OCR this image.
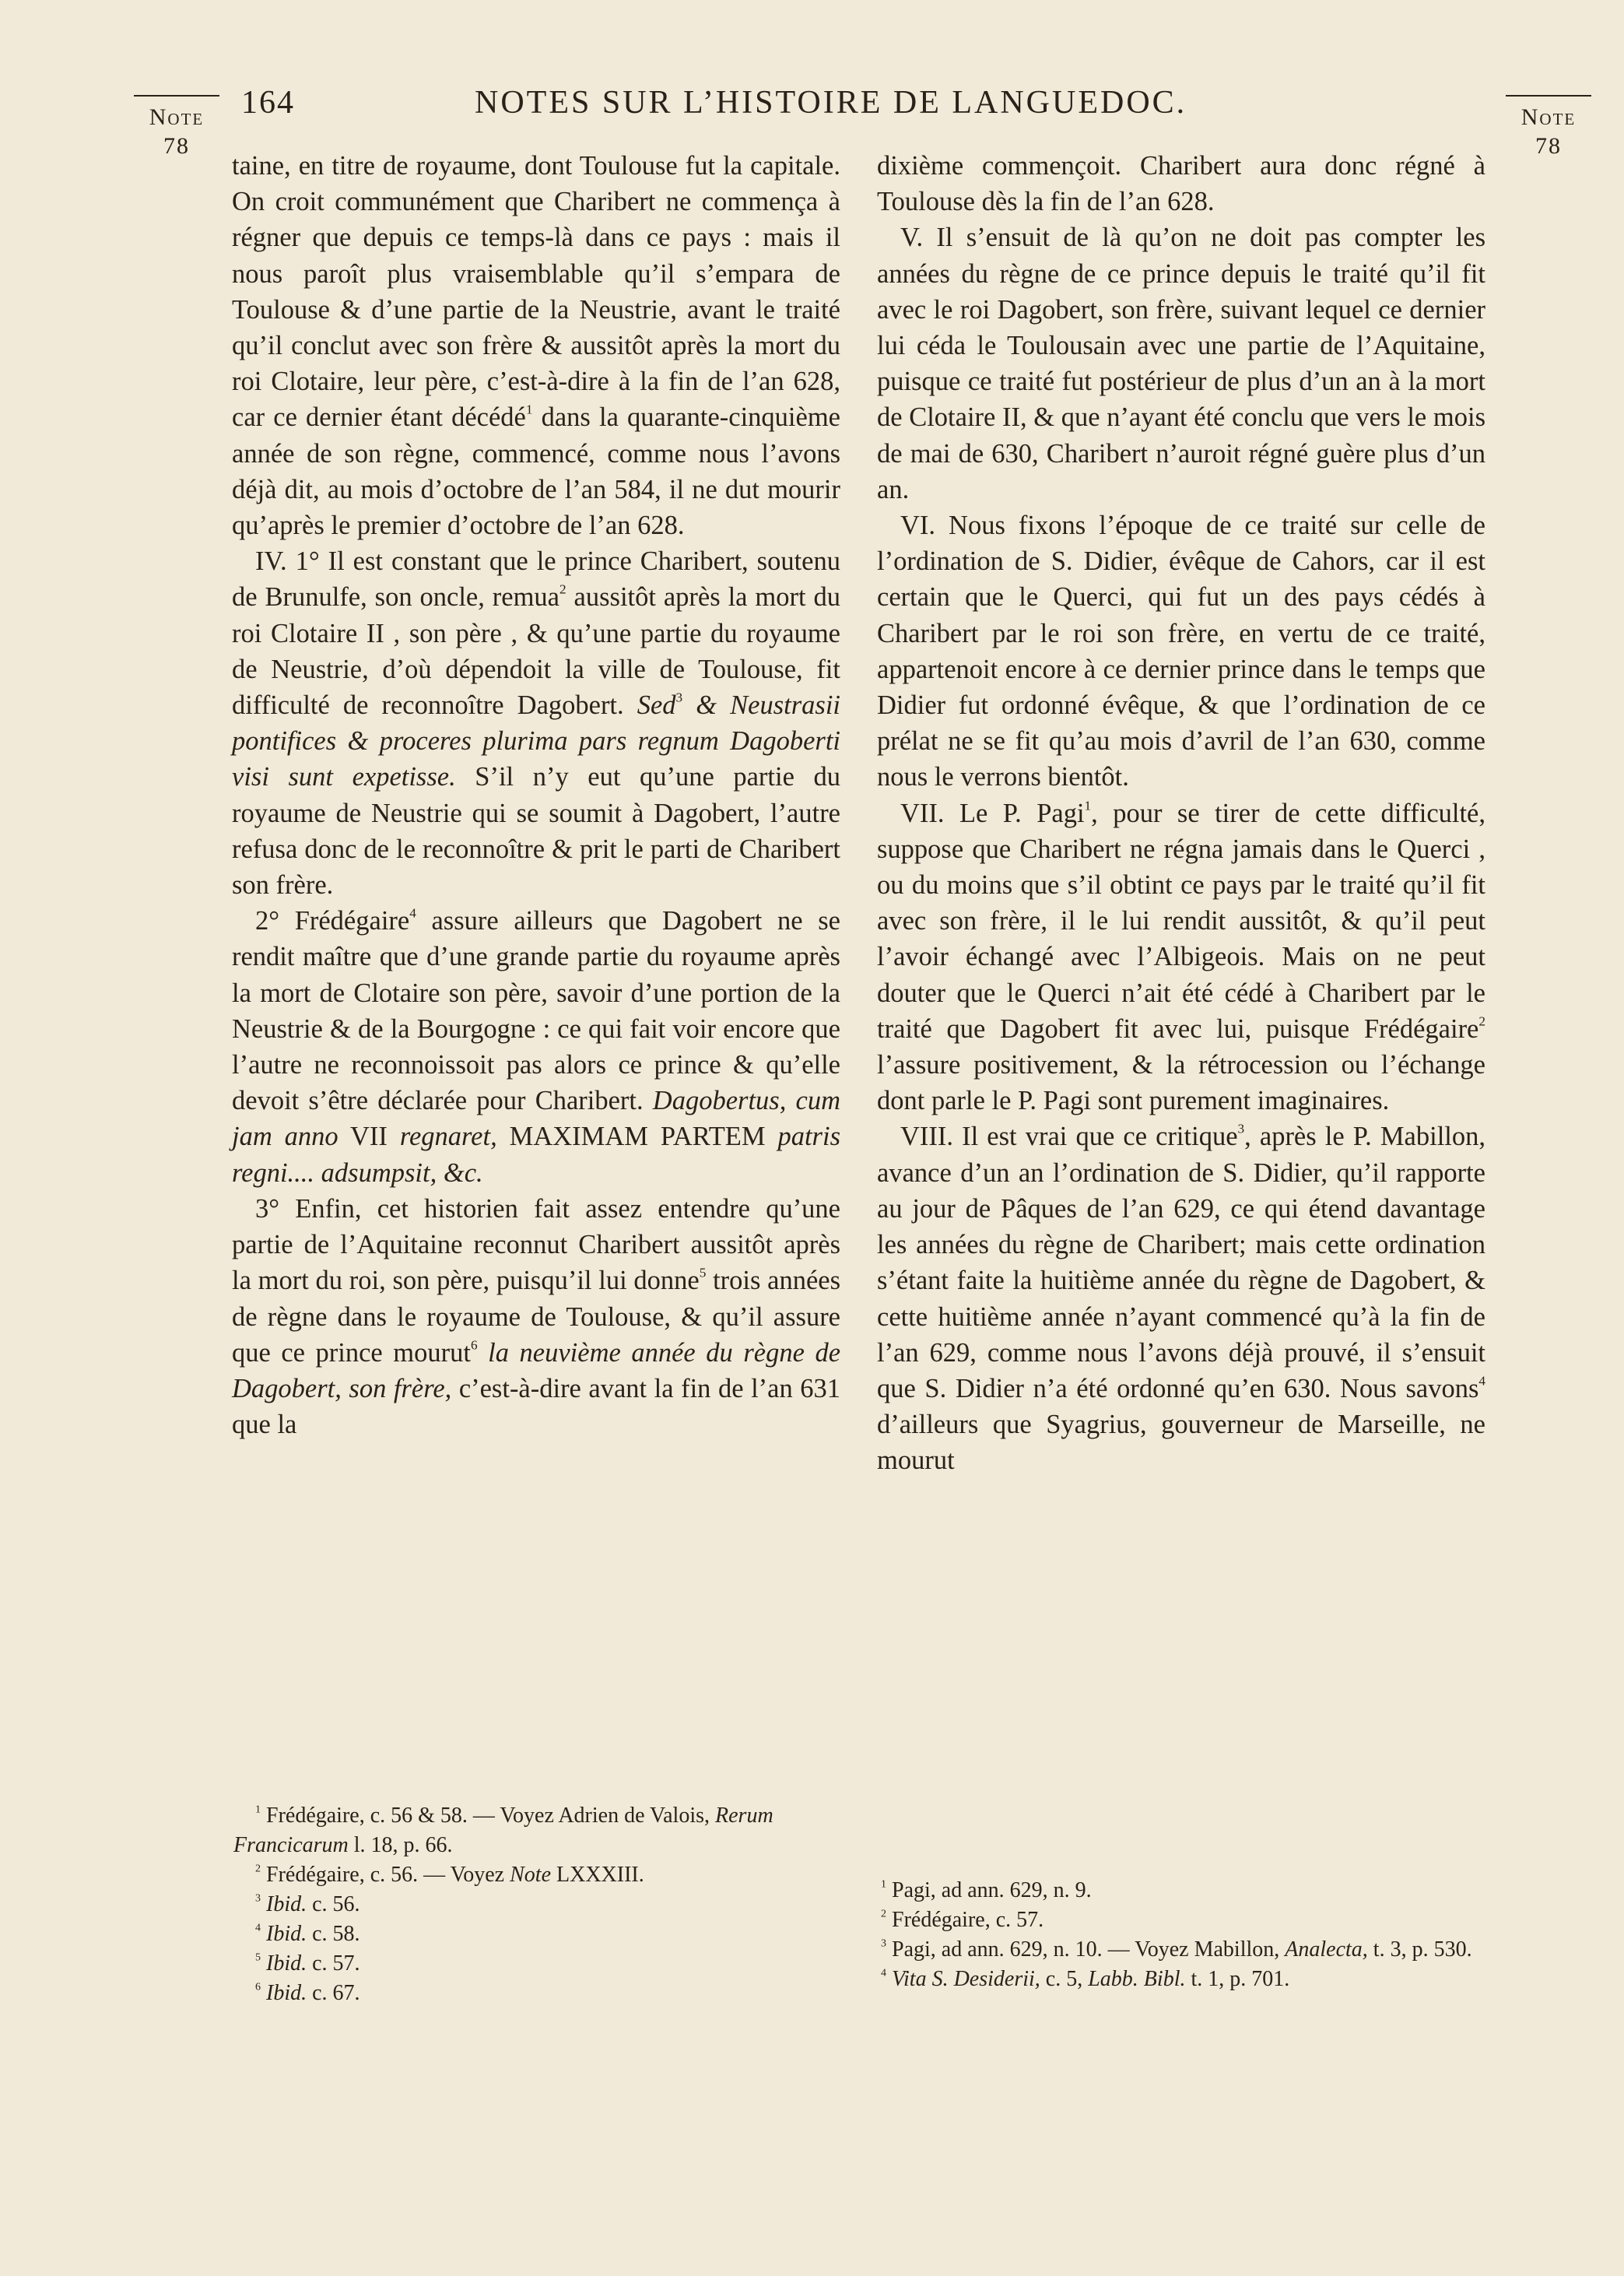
Note
78
Note
78
164	NOTES SUR L’HISTOIRE DE LANGUEDOC.

taine, en titre de royaume, dont Toulouse fut la capitale. On croit communément que Charibert ne commença à régner que depuis ce temps-là dans ce pays : mais il nous paroît plus vraisemblable qu’il s’empara de Toulouse & d’une partie de la Neustrie, avant le traité qu’il conclut avec son frère & aussitôt après la mort du roi Clotaire, leur père, c’est-à-dire à la fin de l’an 628, car ce dernier étant décédé$^1$ dans la quarante-cinquième année de son règne, commencé, comme nous l’avons déjà dit, au mois d’octobre de l’an 584, il ne dut mourir qu’après le premier d’octobre de l’an 628.

IV. 1° Il est constant que le prince Charibert, soutenu de Brunulfe, son oncle, remua$^2$ aussitôt après la mort du roi Clotaire II , son père , & qu’une partie du royaume de Neustrie, d’où dépendoit la ville de Toulouse, fit difficulté de reconnoître Dagobert. Sed$^3$ & Neustrasii pontifices & proceres plurima pars regnum Dagoberti visi sunt expetisse. S’il n’y eut qu’une partie du royaume de Neustrie qui se soumit à Dagobert, l’autre refusa donc de le reconnoître & prit le parti de Charibert son frère.

2° Frédégaire$^4$ assure ailleurs que Dagobert ne se rendit maître que d’une grande partie du royaume après la mort de Clotaire son père, savoir d’une portion de la Neustrie & de la Bourgogne : ce qui fait voir encore que l’autre ne reconnoissoit pas alors ce prince & qu’elle devoit s’être déclarée pour Charibert. Dagobertus, cum jam anno VII regnaret, MAXIMAM PARTEM patris regni.... adsumpsit, &c.

3° Enfin, cet historien fait assez entendre qu’une partie de l’Aquitaine reconnut Charibert aussitôt après la mort du roi, son père, puisqu’il lui donne$^5$ trois années de règne dans le royaume de Toulouse, & qu’il assure que ce prince mourut$^6$ la neuvième année du règne de Dagobert, son frère, c’est-à-dire avant la fin de l’an 631 que la

dixième commençoit. Charibert aura donc régné à Toulouse dès la fin de l’an 628.

V. Il s’ensuit de là qu’on ne doit pas compter les années du règne de ce prince depuis le traité qu’il fit avec le roi Dagobert, son frère, suivant lequel ce dernier lui céda le Toulousain avec une partie de l’Aquitaine, puisque ce traité fut postérieur de plus d’un an à la mort de Clotaire II, & que n’ayant été conclu que vers le mois de mai de 630, Charibert n’auroit régné guère plus d’un an.

VI. Nous fixons l’époque de ce traité sur celle de l’ordination de S. Didier, évêque de Cahors, car il est certain que le Querci, qui fut un des pays cédés à Charibert par le roi son frère, en vertu de ce traité, appartenoit encore à ce dernier prince dans le temps que Didier fut ordonné évêque, & que l’ordination de ce prélat ne se fit qu’au mois d’avril de l’an 630, comme nous le verrons bientôt.

VII. Le P. Pagi$^1$, pour se tirer de cette difficulté, suppose que Charibert ne régna jamais dans le Querci , ou du moins que s’il obtint ce pays par le traité qu’il fit avec son frère, il le lui rendit aussitôt, & qu’il peut l’avoir échangé avec l’Albigeois. Mais on ne peut douter que le Querci n’ait été cédé à Charibert par le traité que Dagobert fit avec lui, puisque Frédégaire$^2$ l’assure positivement, & la rétrocession ou l’échange dont parle le P. Pagi sont purement imaginaires.

VIII. Il est vrai que ce critique$^3$, après le P. Mabillon, avance d’un an l’ordination de S. Didier, qu’il rapporte au jour de Pâques de l’an 629, ce qui étend davantage les années du règne de Charibert; mais cette ordination s’étant faite la huitième année du règne de Dagobert, & cette huitième année n’ayant commencé qu’à la fin de l’an 629, comme nous l’avons déjà prouvé, il s’ensuit que S. Didier n’a été ordonné qu’en 630. Nous savons$^4$ d’ailleurs que Syagrius, gouverneur de Marseille, ne mourut

$^1$ Frédégaire, c. 56 & 58. — Voyez Adrien de Valois, Rerum Francicarum l. 18, p. 66.

$^2$ Frédégaire, c. 56. — Voyez Note LXXXIII.

$^3$ Ibid. c. 56.

$^4$ Ibid. c. 58.

$^5$ Ibid. c. 57.

$^6$ Ibid. c. 67.

$^1$ Pagi, ad ann. 629, n. 9.

$^2$ Frédégaire, c. 57.

$^3$ Pagi, ad ann. 629, n. 10. — Voyez Mabillon, Analecta, t. 3, p. 530.

$^4$ Vita S. Desiderii, c. 5, Labb. Bibl. t. 1, p. 701.
